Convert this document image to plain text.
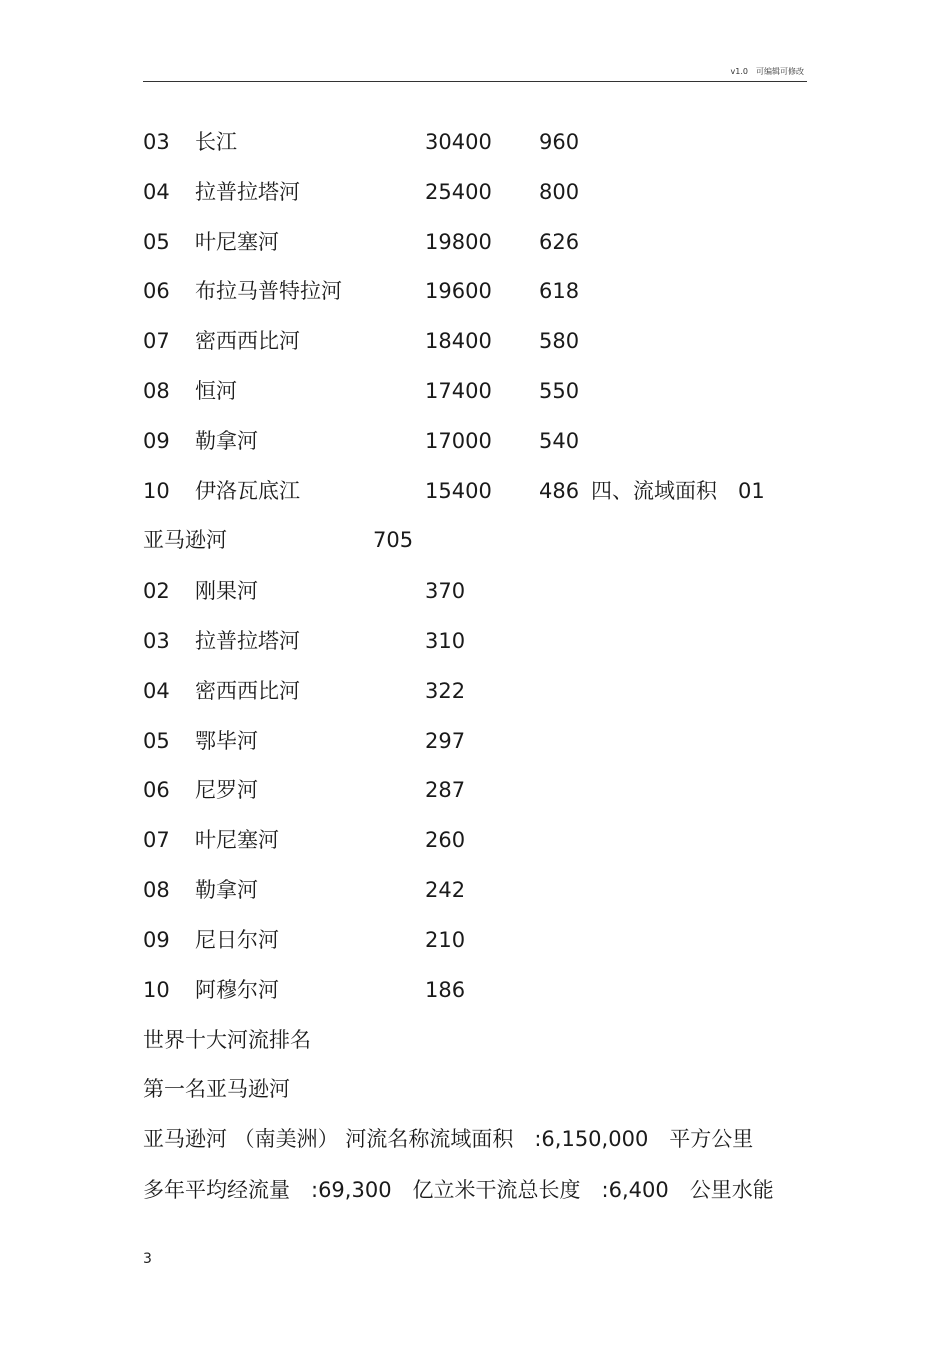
v1.0　可编辑可修改
03 长江	30400 960
04 拉普拉塔河	25400 800
05 叶尼塞河	19800 626
06 布拉马普特拉河	19600 618
07 密西西比河	18400 580
08 恒河	17400 550
09 勒拿河	17000 540
10 伊洛瓦底江	15400 486 四、流域面积　01
亚马逊河	705
02 刚果河	370
03 拉普拉塔河	310
04 密西西比河	322
05 鄂毕河	297
06 尼罗河	287
07 叶尼塞河	260
08 勒拿河	242
09 尼日尔河	210
10 阿穆尔河	186
世界十大河流排名
第一名亚马逊河
亚马逊河 （南美洲） 河流名称流域面积　:6,150,000　平方公里
多年平均经流量　:69,300　亿立米干流总长度　:6,400　公里水能
3
